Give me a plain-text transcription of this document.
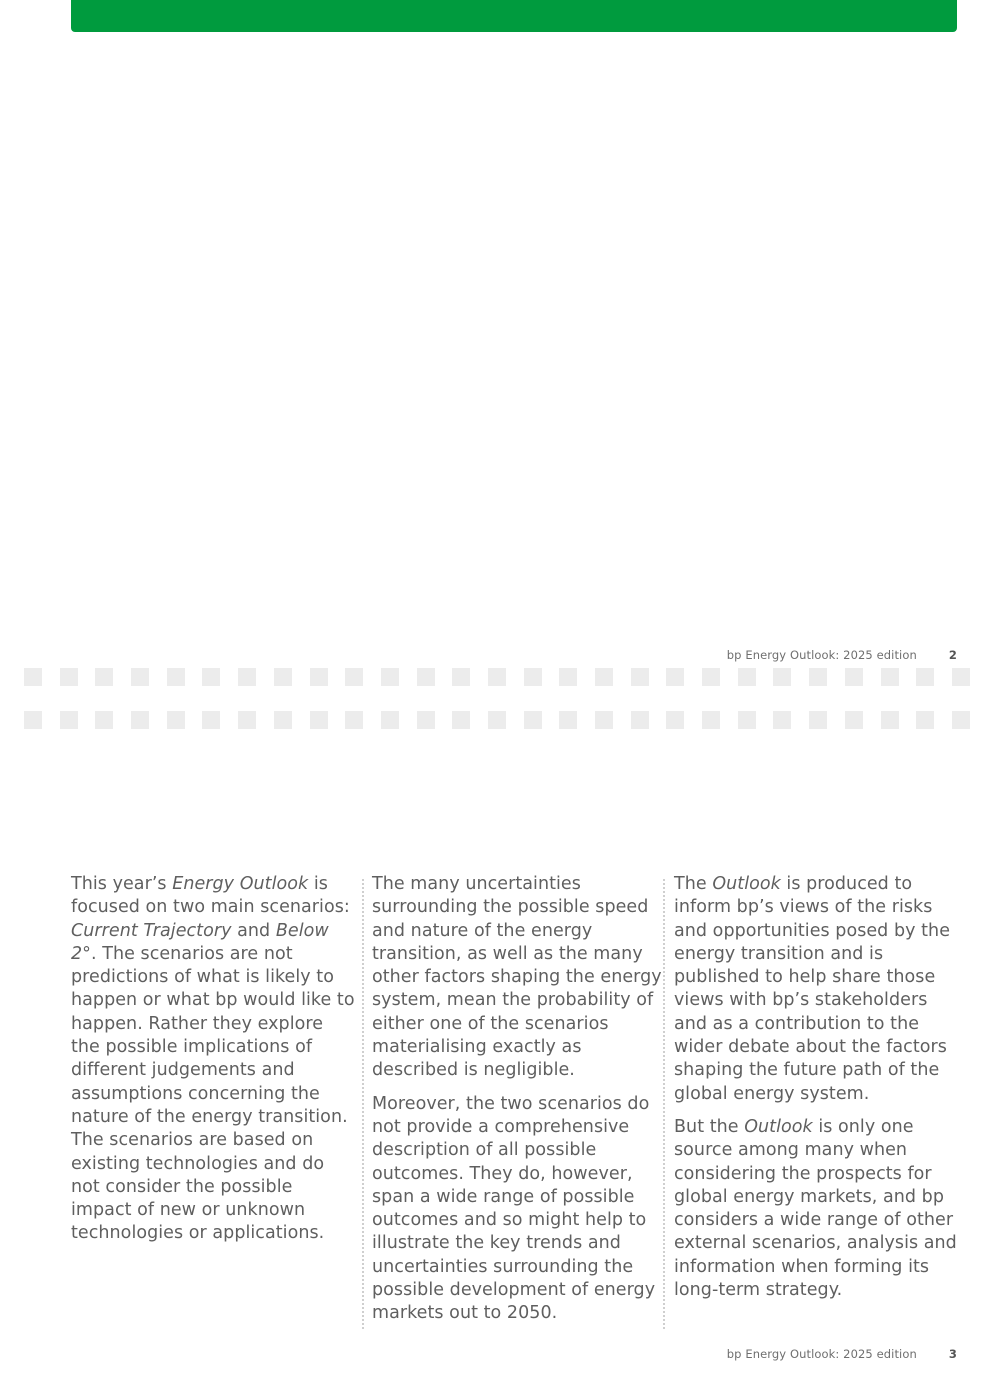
bp Energy Outlook: 2025 edition	2

This year’s Energy Outlook is focused on two main scenarios: Current Trajectory and Below 2°. The scenarios are not predictions of what is likely to happen or what bp would like to happen. Rather they explore the possible implications of different judgements and assumptions concerning the nature of the energy transition. The scenarios are based on existing technologies and do not consider the possible impact of new or unknown technologies or applications.

The many uncertainties surrounding the possible speed and nature of the energy transition, as well as the many other factors shaping the energy system, mean the probability of either one of the scenarios materialising exactly as described is negligible.

Moreover, the two scenarios do not provide a comprehensive description of all possible outcomes. They do, however, span a wide range of possible outcomes and so might help to illustrate the key trends and uncertainties surrounding the possible development of energy markets out to 2050.

The Outlook is produced to inform bp’s views of the risks and opportunities posed by the energy transition and is published to help share those views with bp’s stakeholders and as a contribution to the wider debate about the factors shaping the future path of the global energy system.

But the Outlook is only one source among many when considering the prospects for global energy markets, and bp considers a wide range of other external scenarios, analysis and information when forming its long-term strategy.

bp Energy Outlook: 2025 edition	3
